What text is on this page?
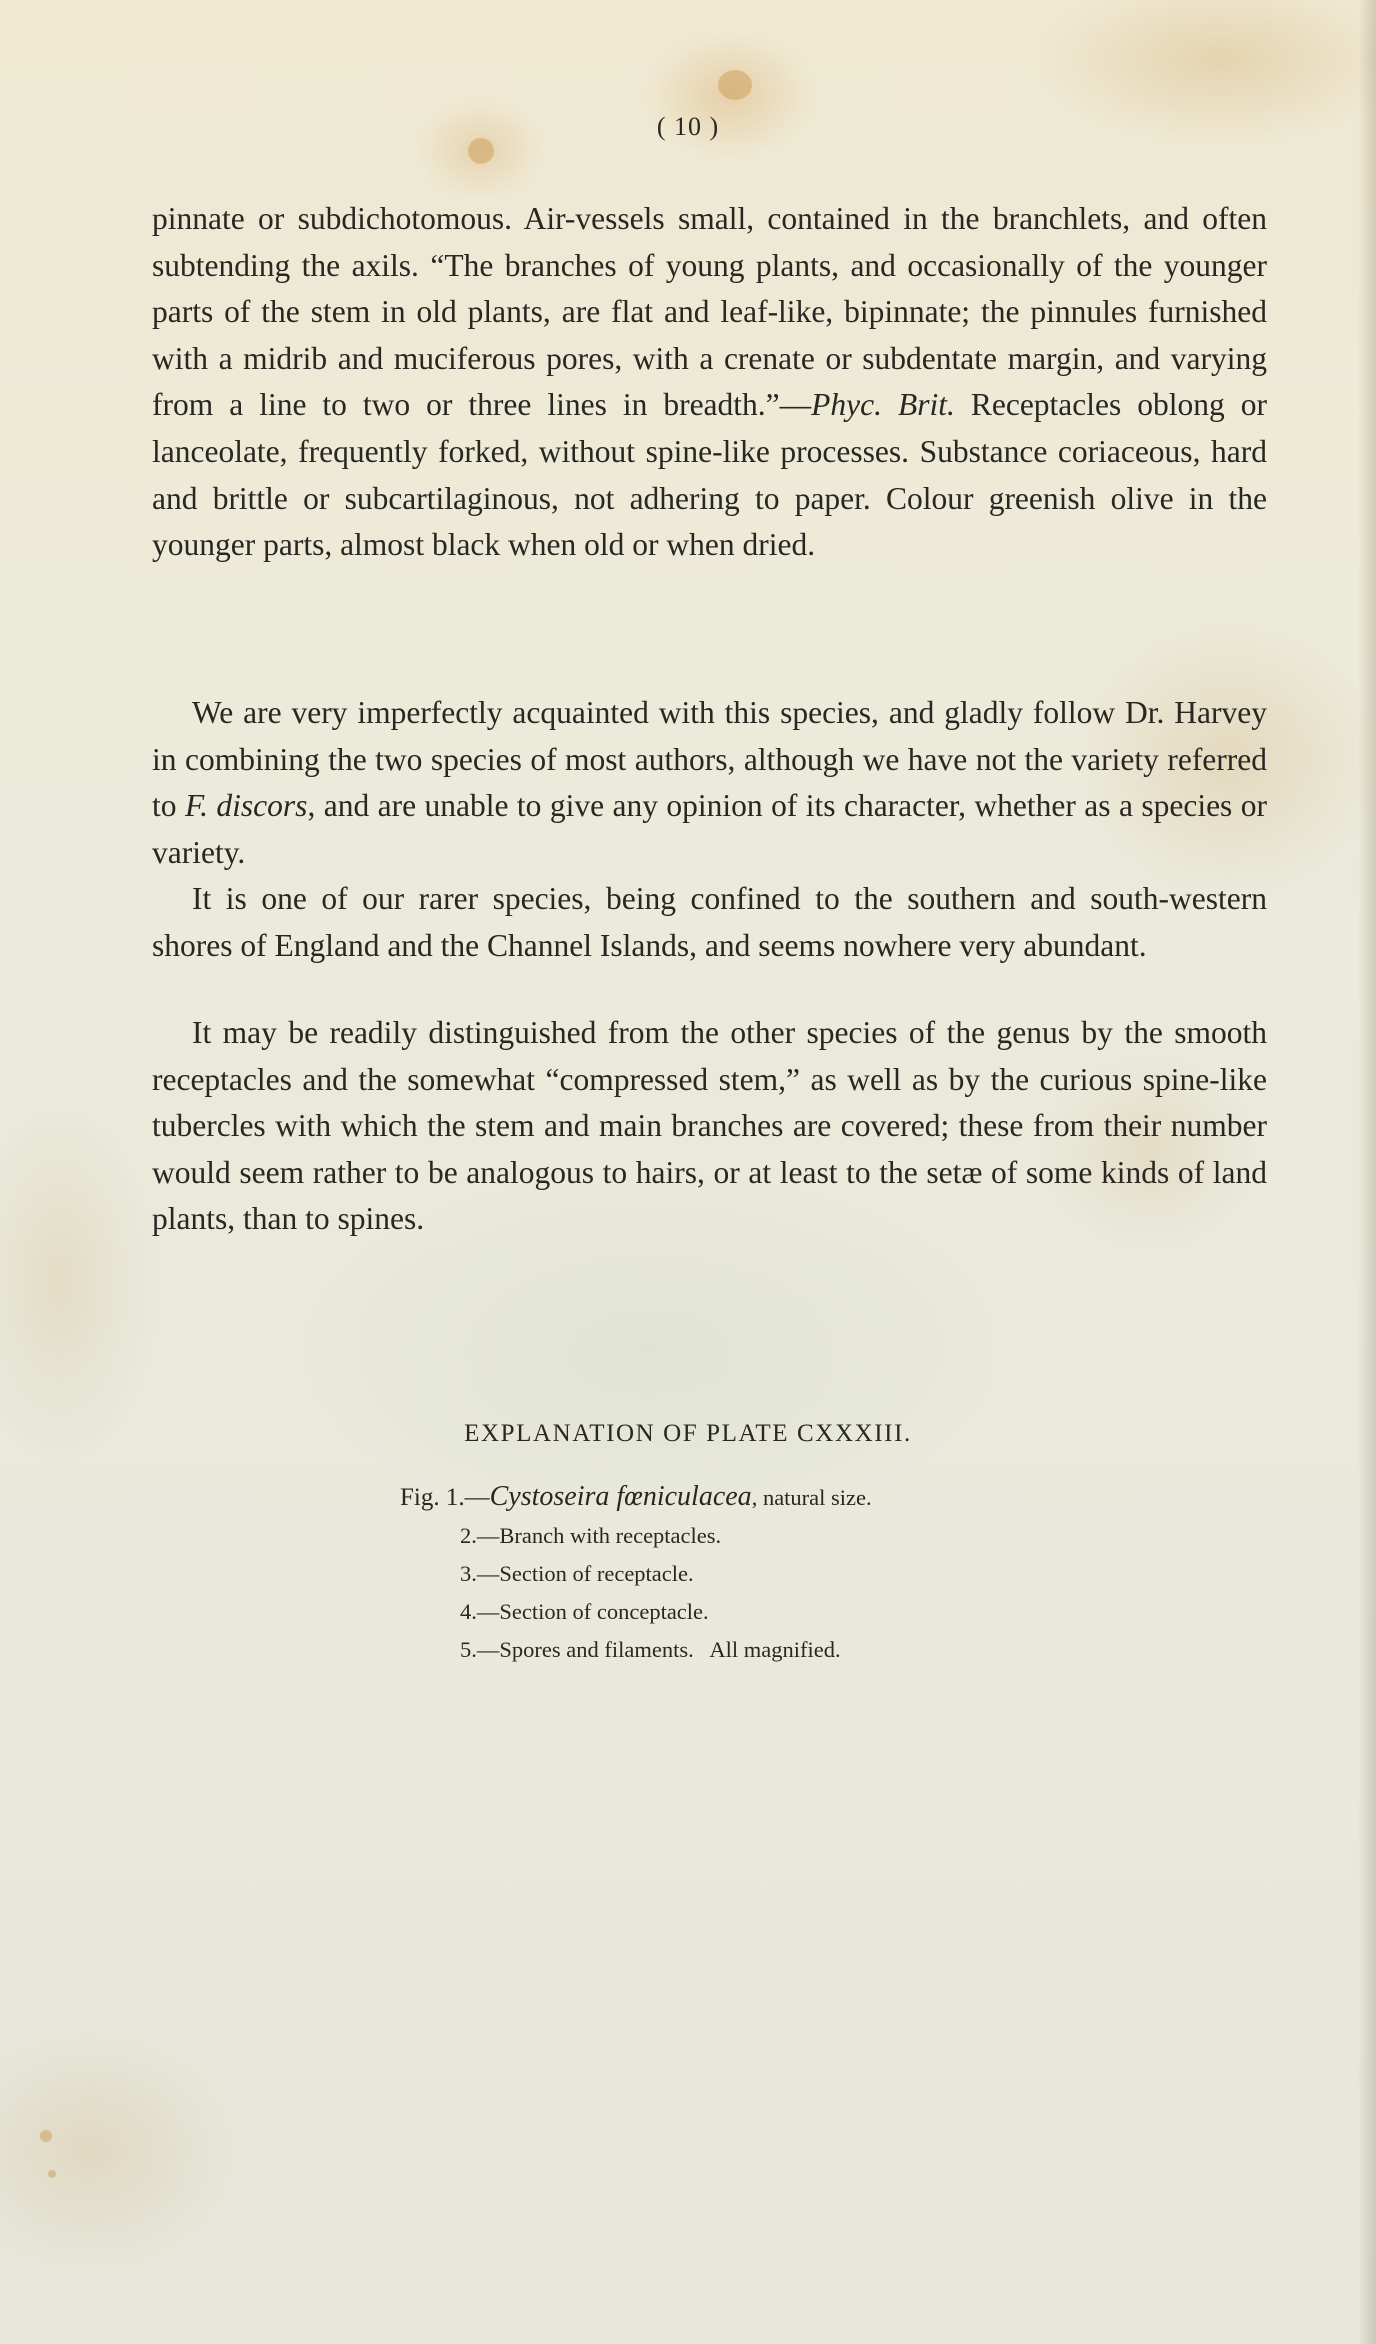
( 10 )

pinnate or subdichotomous. Air-vessels small, contained in the branchlets, and often subtending the axils. “The branches of young plants, and occasionally of the younger parts of the stem in old plants, are flat and leaf-like, bipinnate; the pinnules furnished with a midrib and muciferous pores, with a crenate or subdentate margin, and varying from a line to two or three lines in breadth.”—Phyc. Brit. Receptacles oblong or lanceolate, frequently forked, without spine-like processes. Substance coriaceous, hard and brittle or subcartilaginous, not adhering to paper. Colour greenish olive in the younger parts, almost black when old or when dried.

We are very imperfectly acquainted with this species, and gladly follow Dr. Harvey in combining the two species of most authors, although we have not the variety referred to F. discors, and are unable to give any opinion of its character, whether as a species or variety.

It is one of our rarer species, being confined to the southern and south-western shores of England and the Channel Islands, and seems nowhere very abundant.

It may be readily distinguished from the other species of the genus by the smooth receptacles and the somewhat “compressed stem,” as well as by the curious spine-like tubercles with which the stem and main branches are covered; these from their number would seem rather to be analogous to hairs, or at least to the setæ of some kinds of land plants, than to spines.

EXPLANATION OF PLATE CXXXIII.
Fig. 1.—Cystoseira fœniculacea, natural size.
2.—Branch with receptacles.
3.—Section of receptacle.
4.—Section of conceptacle.
5.—Spores and filaments.   All magnified.
